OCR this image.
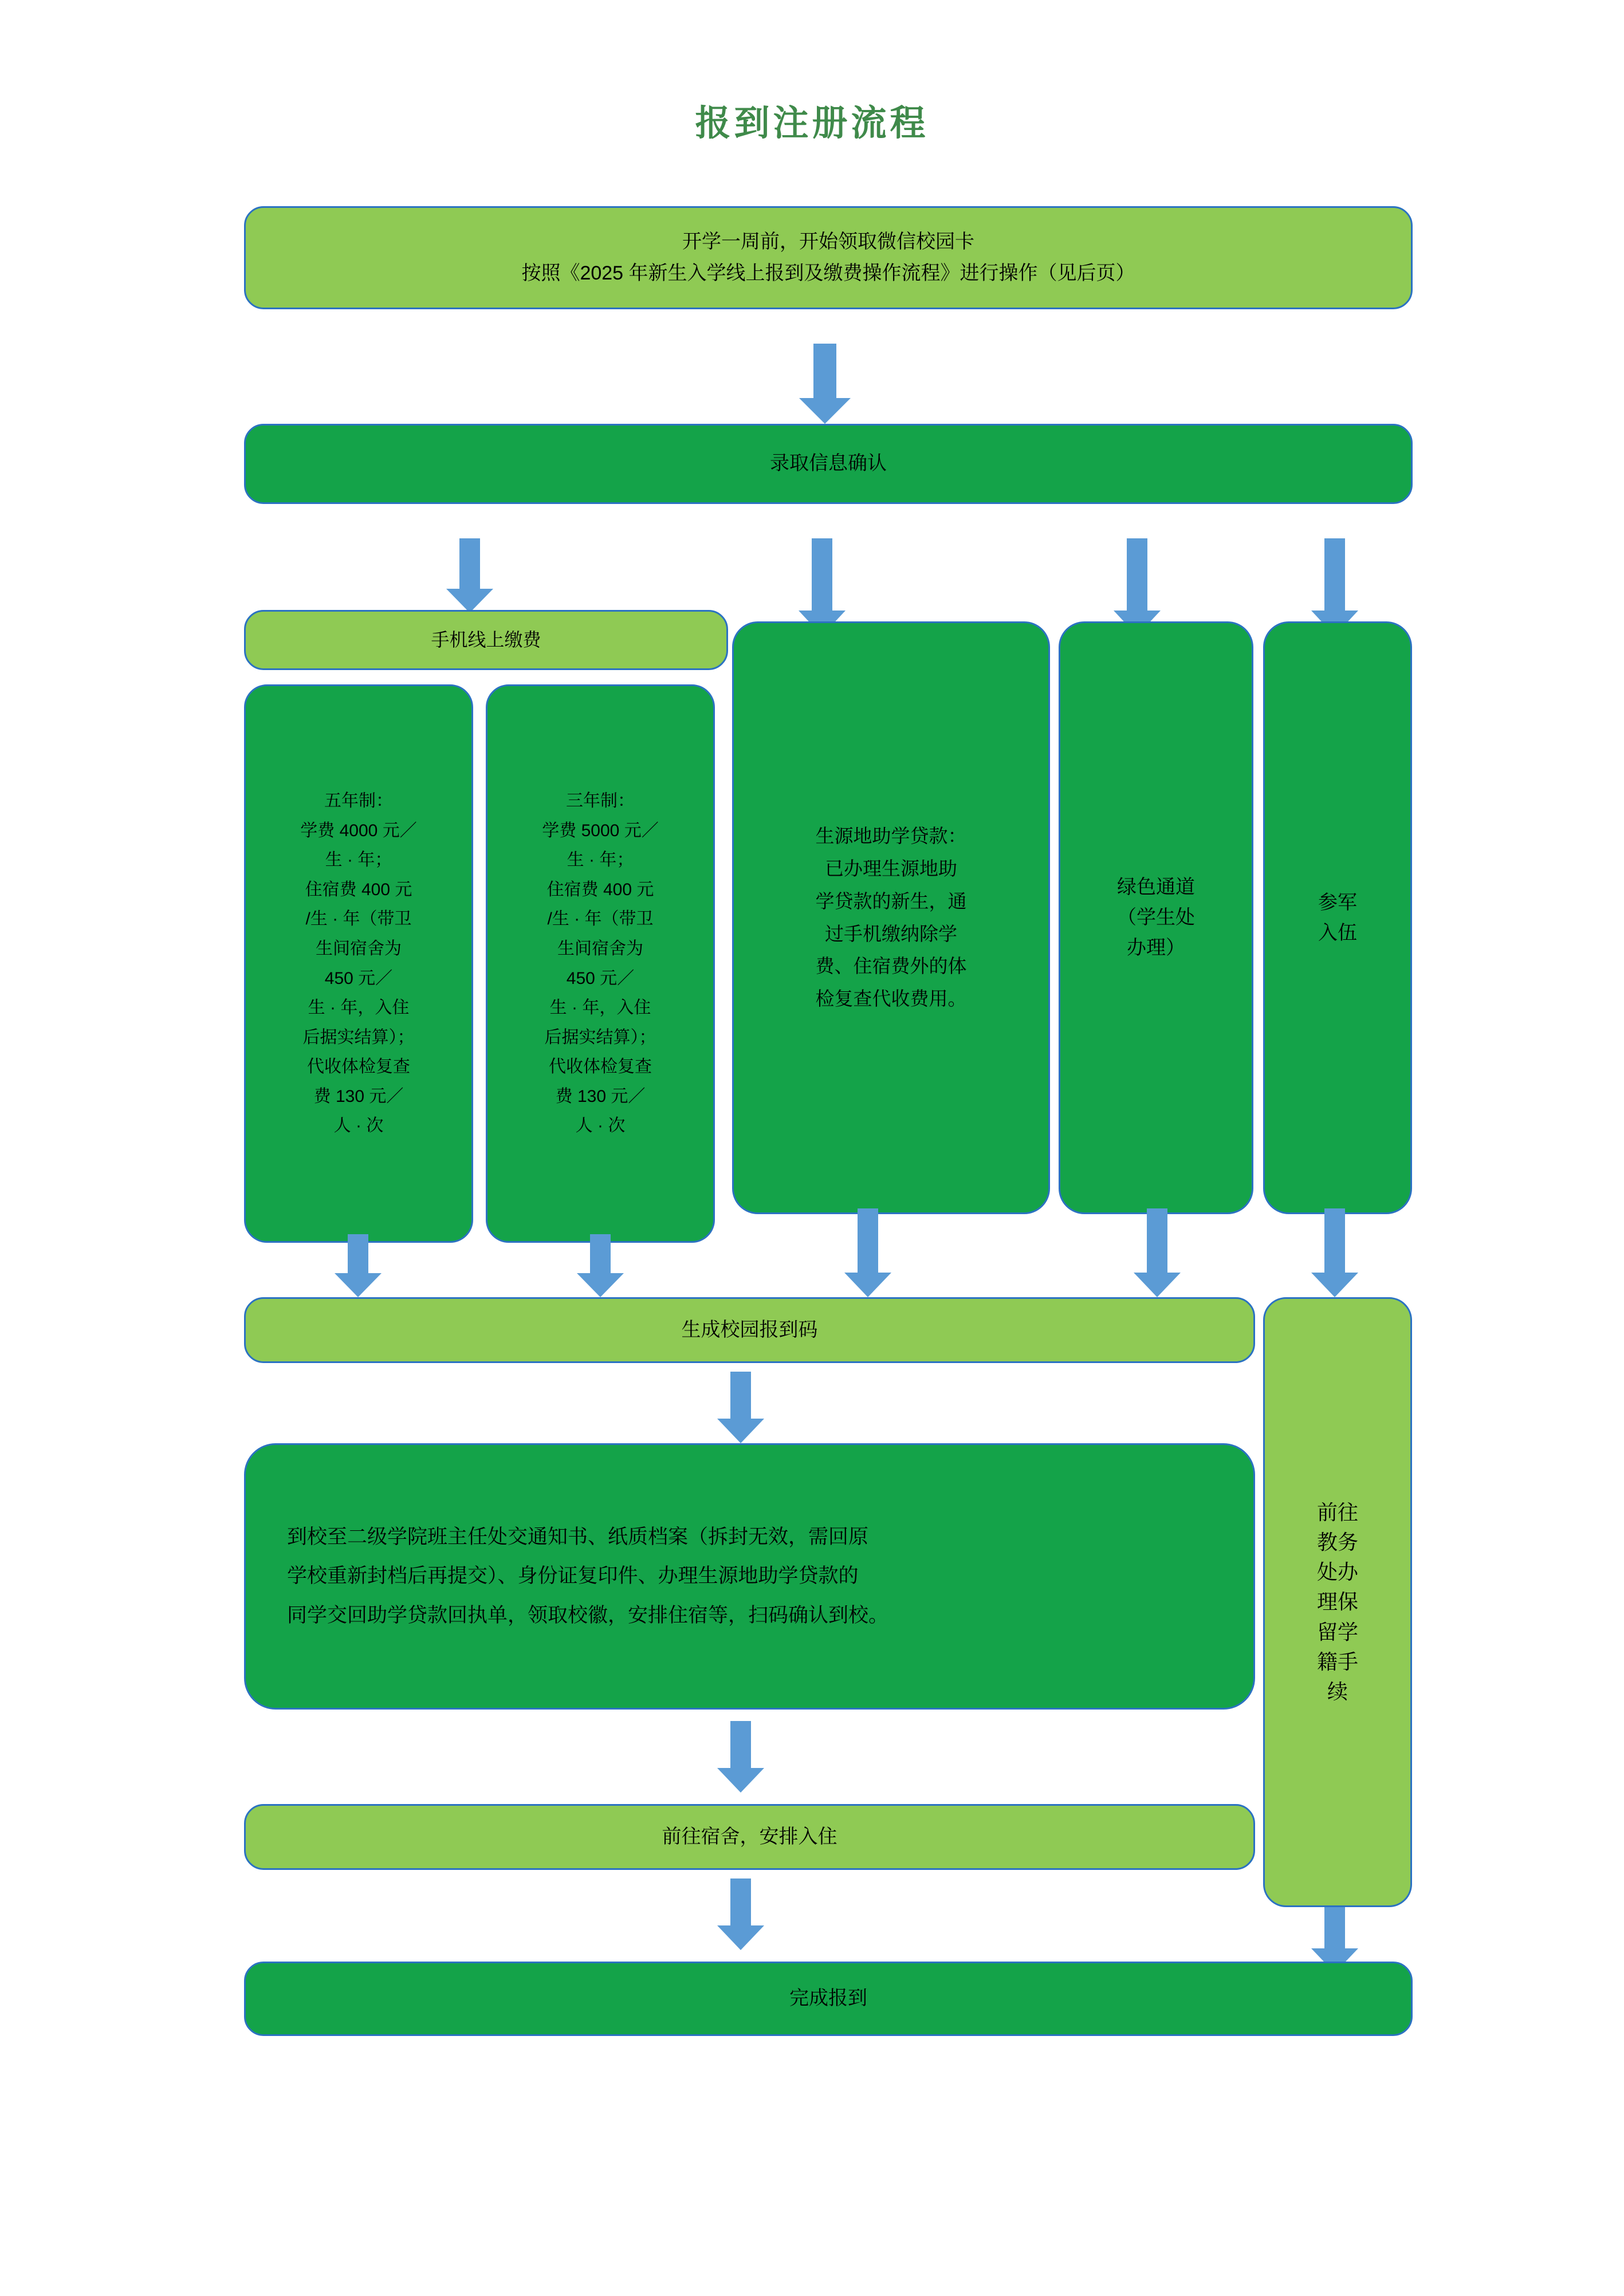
报到注册流程
开学一周前，开始领取微信校园卡
按照《2025 年新生入学线上报到及缴费操作流程》进行操作（见后页）
录取信息确认
手机线上缴费
五年制：
学费 4000 元／
生 · 年；
住宿费 400 元
/生 · 年（带卫
生间宿舍为
450 元／
生 · 年，入住
后据实结算）；
代收体检复查
费 130 元／
人 · 次
三年制：
学费 5000 元／
生 · 年；
住宿费 400 元
/生 · 年（带卫
生间宿舍为
450 元／
生 · 年，入住
后据实结算）；
代收体检复查
费 130 元／
人 · 次
生源地助学贷款：
已办理生源地助
学贷款的新生，通
过手机缴纳除学
费、住宿费外的体
检复查代收费用。
绿色通道
（学生处
办理）
参军
入伍
生成校园报到码
前往
教务
处办
理保
留学
籍手
续
到校至二级学院班主任处交通知书、纸质档案（拆封无效，需回原
学校重新封档后再提交）、身份证复印件、办理生源地助学贷款的
同学交回助学贷款回执单，领取校徽，安排住宿等，扫码确认到校。
前往宿舍，安排入住
完成报到
